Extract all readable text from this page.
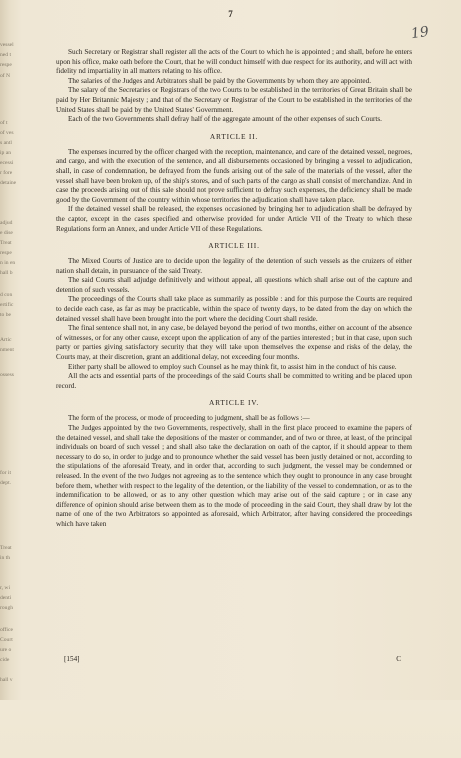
vessel
ned t
respe
of N
of t
of ves
s antl
ip an
ecessi
r fore
detaine
adjud
e dise
Treat
respe
n in en
hall b
d con
ertific
to be
Artic
nment
ossess
for it
dept.
Treat
in th
r, wi
denti
rough
office
Court
ure o
cide
hall v
7
19

Such Secretary or Registrar shall register all the acts of the Court to which he is appointed ; and shall, before he enters upon his office, make oath before the Court, that he will conduct himself with due respect for its authority, and will act with fidelity nd impartiality in all matters relating to his office.

The salaries of the Judges and Arbitrators shall be paid by the Governments by whom they are appointed.

The salary of the Secretaries or Registrars of the two Courts to be established in the territories of Great Britain shall be paid by Her Britannic Majesty ; and that of the Secretary or Registrar of the Court to be established in the territories of the United States shall be paid by the United States' Government.

Each of the two Governments shall defray half of the aggregate amount of the other expenses of such Courts.

ARTICLE II.

The expenses incurred by the officer charged with the reception, maintenance, and care of the detained vessel, negroes, and cargo, and with the execution of the sentence, and all disbursements occasioned by bringing a vessel to adjudication, shall, in case of condemnation, be defrayed from the funds arising out of the sale of the materials of the vessel, after the vessel shall have been broken up, of the ship's stores, and of such parts of the cargo as shall consist of merchandize. And in case the proceeds arising out of this sale should not prove sufficient to defray such expenses, the deficiency shall be made good by the Government of the country within whose territories the adjudication shall have taken place.

If the detained vessel shall be released, the expenses occasioned by bringing her to adjudication shall be defrayed by the captor, except in the cases specified and otherwise provided for under Article VII of the Treaty to which these Regulations form an Annex, and under Article VII of these Regulations.

ARTICLE III.

The Mixed Courts of Justice are to decide upon the legality of the detention of such vessels as the cruizers of either nation shall detain, in pursuance of the said Treaty.

The said Courts shall adjudge definitively and without appeal, all questions which shall arise out of the capture and detention of such vessels.

The proceedings of the Courts shall take place as summarily as possible : and for this purpose the Courts are required to decide each case, as far as may be practicable, within the space of twenty days, to be dated from the day on which the detained vessel shall have been brought into the port where the deciding Court shall reside.

The final sentence shall not, in any case, be delayed beyond the period of two months, either on account of the absence of witnesses, or for any other cause, except upon the application of any of the parties interested ; but in that case, upon such party or parties giving satisfactory security that they will take upon themselves the expense and risks of the delay, the Courts may, at their discretion, grant an additional delay, not exceeding four months.

Either party shall be allowed to employ such Counsel as he may think fit, to assist him in the conduct of his cause.

All the acts and essential parts of the proceedings of the said Courts shall be committed to writing and be placed upon record.

ARTICLE IV.

The form of the process, or mode of proceeding to judgment, shall be as follows :—

The Judges appointed by the two Governments, respectively, shall in the first place proceed to examine the papers of the detained vessel, and shall take the depositions of the master or commander, and of two or three, at least, of the principal individuals on board of such vessel ; and shall also take the declaration on oath of the captor, if it should appear to them necessary to do so, in order to judge and to pronounce whether the said vessel has been justly detained or not, according to the stipulations of the aforesaid Treaty, and in order that, according to such judgment, the vessel may be condemned or released. In the event of the two Judges not agreeing as to the sentence which they ought to pronounce in any case brought before them, whether with respect to the legality of the detention, or the liability of the vessel to condemnation, or as to the indemnification to be allowed, or as to any other question which may arise out of the said capture ; or in case any difference of opinion should arise between them as to the mode of proceeding in the said Court, they shall draw by lot the name of one of the two Arbitrators so appointed as aforesaid, which Arbitrator, after having considered the proceedings which have taken

[154]	C
